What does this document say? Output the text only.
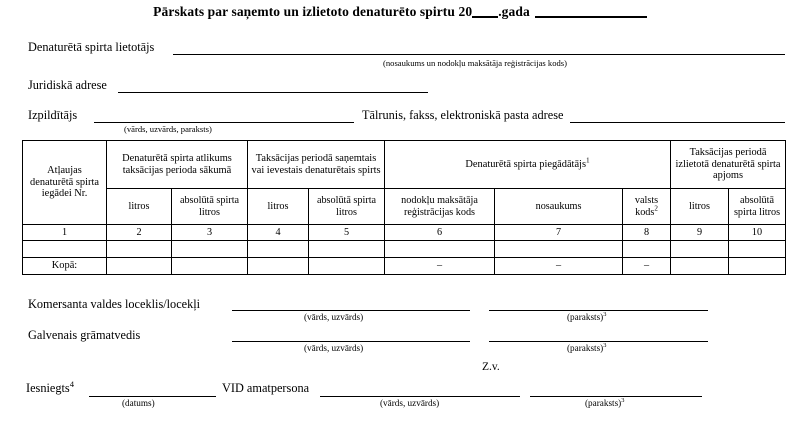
Pārskats par saņemto un izlietoto denaturēto spirtu 20 .gada
Denaturētā spirta lietotājs
(nosaukums un nodokļu maksātāja reģistrācijas kods)
Juridiskā adrese
Izpildītājs
(vārds, uzvārds, paraksts)
Tālrunis, fakss, elektroniskā pasta adrese
Atļaujas denaturētā spirta iegādei Nr.	Denaturētā spirta atlikums taksācijas perioda sākumā		Taksācijas periodā saņemtais vai ievestais denaturētais spirts		Denaturētā spirta piegādātājs$^1$			Taksācijas periodā izlietotā denaturētā spirta apjoms	
	litros	absolūtā spirta litros	litros	absolūtā spirta litros	nodokļu maksātāja reģistrācijas kods	nosaukums	valsts kods$^2$	litros	absolūtā spirta litros
1	2	3	4	5	6	7	8	9	10

Kopā:					–	–	–		
Komersanta valdes loceklis/locekļi
(vārds, uzvārds)	(paraksts)$^3$
Galvenais grāmatvedis
(vārds, uzvārds)	(paraksts)$^3$
Z.v.
Iesniegts$^4$
(datums)
VID amatpersona
(vārds, uzvārds)	(paraksts)$^3$
